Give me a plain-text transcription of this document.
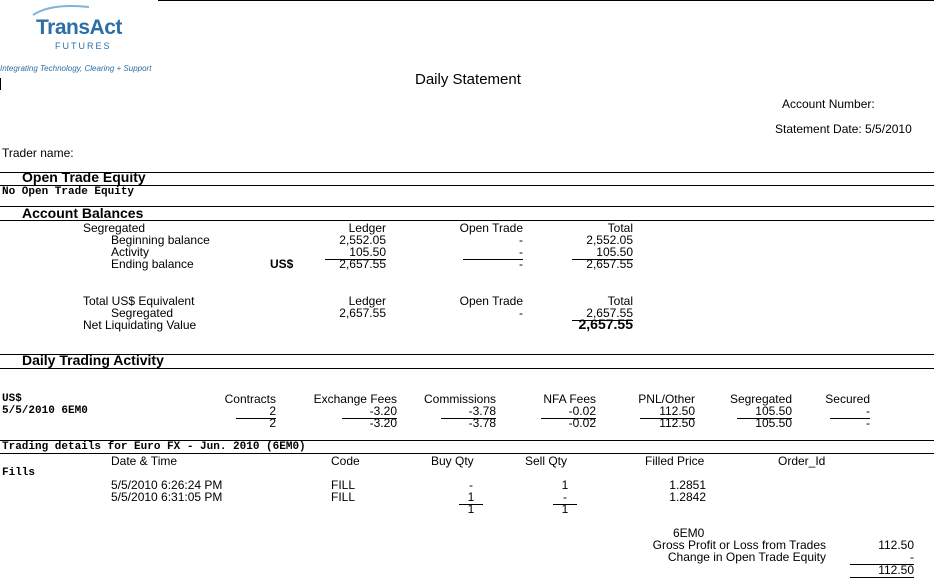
TransAct
FUTURES
Integrating Technology, Clearing + Support
Daily Statement
Account Number:
Statement Date: 5/5/2010
Trader name:
Open Trade Equity
No Open Trade Equity
Account Balances
Segregated	Ledger	Open Trade	Total
Beginning balance	2,552.05	-	2,552.05
Activity	105.50	-	105.50
Ending balance	US$	2,657.55	-	2,657.55
Total US$ Equivalent	Ledger	Open Trade	Total
Segregated	2,657.55	-	2,657.55
Net Liquidating Value	2,657.55
Daily Trading Activity
US$
5/5/2010 6EM0
Contracts	Exchange Fees	Commissions	NFA Fees	PNL/Other	Segregated	Secured
2	-3.20	-3.78	-0.02	112.50	105.50	-
2	-3.20	-3.78	-0.02	112.50	105.50	-
Trading details for Euro FX - Jun. 2010 (6EM0)
Date & Time	Code	Buy Qty	Sell Qty	Filled Price	Order_Id
Fills
5/5/2010 6:26:24 PM	FILL	-	1	1.2851
5/5/2010 6:31:05 PM	FILL	1	-	1.2842
1	1
6EM0
Gross Profit or Loss from Trades	112.50
Change in Open Trade Equity	-
112.50
